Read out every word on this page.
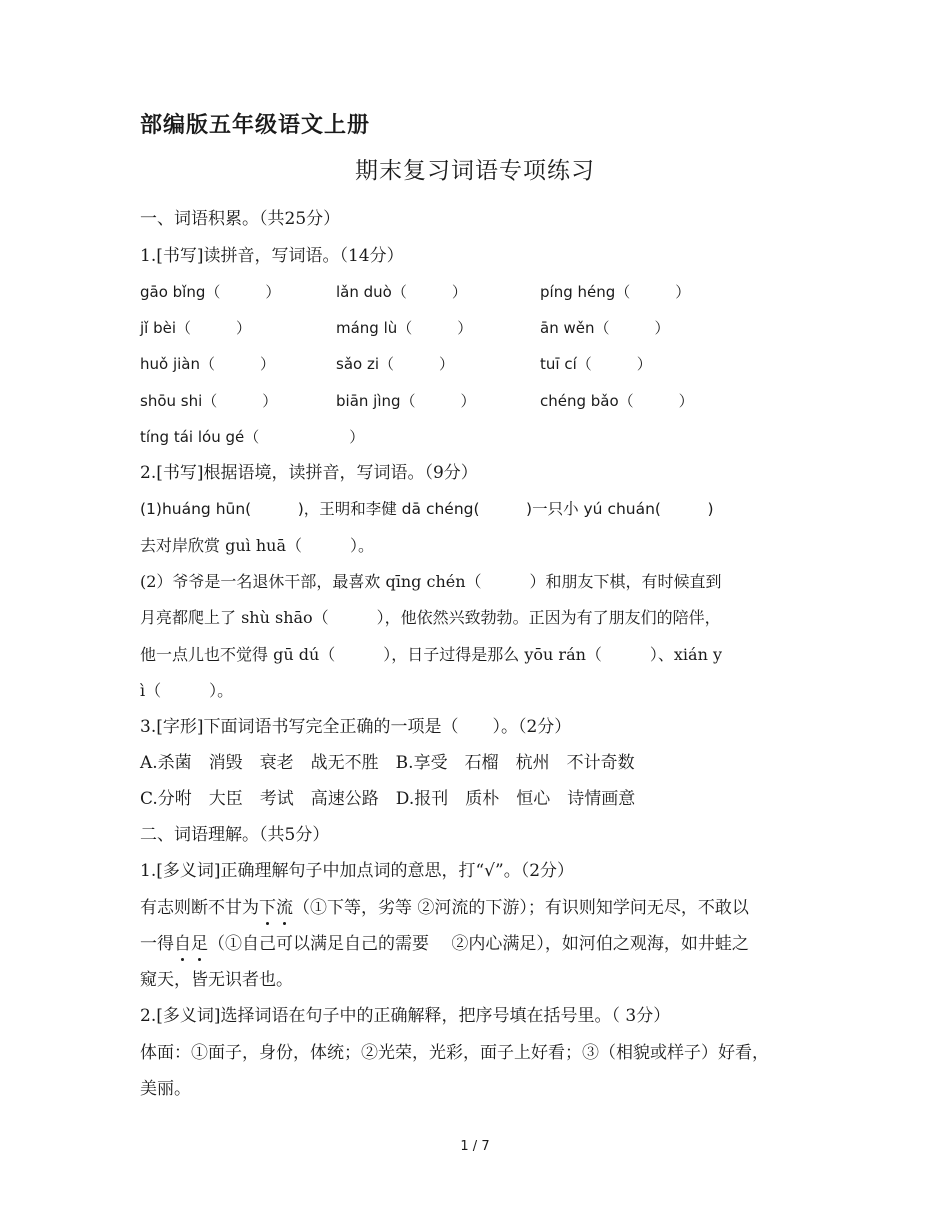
部编版五年级语文上册
期末复习词语专项练习
一、词语积累。（共25分）
1.[书写]读拼音，写词语。（14分）
gāo bǐng（　　　）	lǎn duò（　　　）	píng héng（　　　）
jǐ bèi（　　　）	máng lù（　　　）	ān wěn（　　　）
huǒ jiàn（　　　）	sǎo zi（　　　）	tuī cí（　　　）
shōu shi（　　　）	biān jìng（　　　）	chéng bǎo（　　　）
tíng tái lóu gé（　　　　　　）
2.[书写]根据语境，读拼音，写词语。（9分）
(1)huáng hūn(　　　)，王明和李健 dā chéng(　　　)一只小 yú chuán(　　　)
去对岸欣赏 guì huā（　　　）。
(2）爷爷是一名退休干部，最喜欢 qīng chén（　　　）和朋友下棋，有时候直到
月亮都爬上了 shù shāo（　　　），他依然兴致勃勃。正因为有了朋友们的陪伴，
他一点儿也不觉得 gū dú（　　　），日子过得是那么 yōu rán（　　　）、xián y
ì（　　　）。
3.[字形]下面词语书写完全正确的一项是（　　）。（2分）
A.杀菌　消毁　衰老　战无不胜　B.享受　石榴　杭州　不计奇数
C.分咐　大臣　考试　高速公路　D.报刊　质朴　恒心　诗情画意
二、词语理解。（共5分）
1.[多义词]正确理解句子中加点词的意思，打“√”。（2分）
有志则断不甘为下流（①下等，劣等 ②河流的下游）；有识则知学问无尽，不敢以
一得自足（①自己可以满足自己的需要　 ②内心满足），如河伯之观海，如井蛙之
窥天，皆无识者也。
2.[多义词]选择词语在句子中的正确解释，把序号填在括号里。（ 3分）
体面：①面子，身份，体统；②光荣，光彩，面子上好看；③（相貌或样子）好看，
美丽。
1 / 7
